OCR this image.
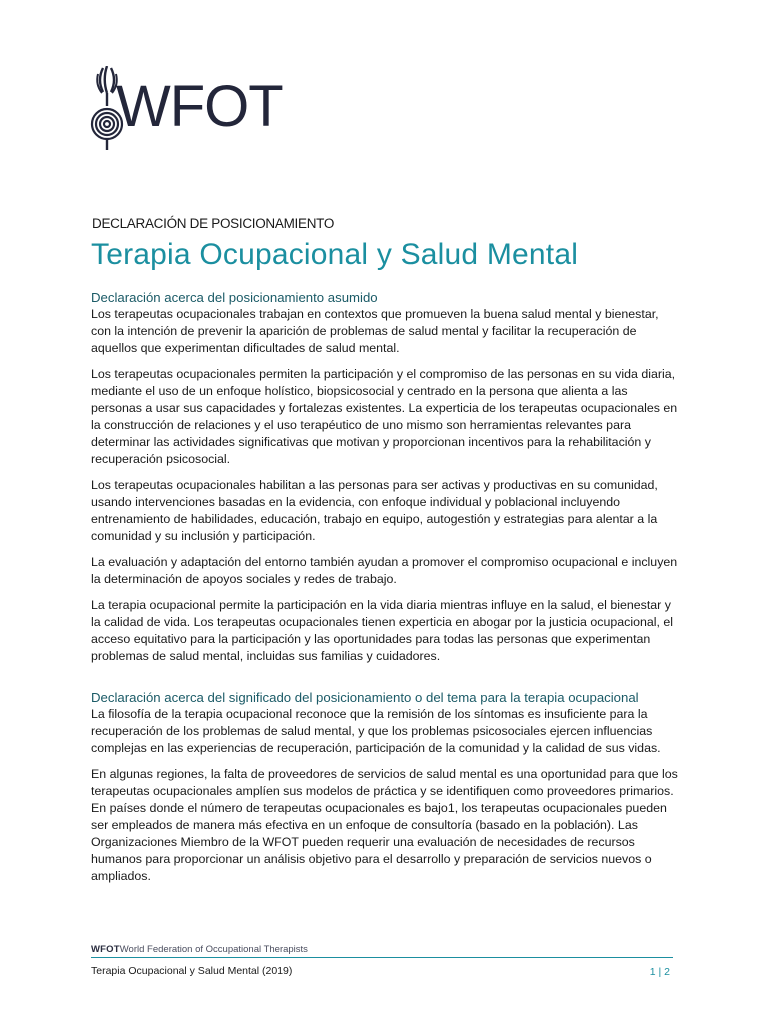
WFOT
DECLARACIÓN DE POSICIONAMIENTO
Terapia Ocupacional y Salud Mental
Declaración acerca del posicionamiento asumido

Los terapeutas ocupacionales trabajan en contextos que promueven la buena salud mental y bienestar, con la intención de prevenir la aparición de problemas de salud mental y facilitar la recuperación de aquellos que experimentan dificultades de salud mental.

Los terapeutas ocupacionales permiten la participación y el compromiso de las personas en su vida diaria, mediante el uso de un enfoque holístico, biopsicosocial y centrado en la persona que alienta a las personas a usar sus capacidades y fortalezas existentes. La experticia de los terapeutas ocupacionales en la construcción de relaciones y el uso terapéutico de uno mismo son herramientas relevantes para determinar las actividades significativas que motivan y proporcionan incentivos para la rehabilitación y recuperación psicosocial.

Los terapeutas ocupacionales habilitan a las personas para ser activas y productivas en su comunidad, usando intervenciones basadas en la evidencia, con enfoque individual y poblacional incluyendo entrenamiento de habilidades, educación, trabajo en equipo, autogestión y estrategias para alentar a la comunidad y su inclusión y participación.

La evaluación y adaptación del entorno también ayudan a promover el compromiso ocupacional e incluyen la determinación de apoyos sociales y redes de trabajo.

La terapia ocupacional permite la participación en la vida diaria mientras influye en la salud, el bienestar y la calidad de vida. Los terapeutas ocupacionales tienen experticia en abogar por la justicia ocupacional, el acceso equitativo para la participación y las oportunidades para todas las personas que experimentan problemas de salud mental, incluidas sus familias y cuidadores.

Declaración acerca del significado del posicionamiento o del tema para la terapia ocupacional

La filosofía de la terapia ocupacional reconoce que la remisión de los síntomas es insuficiente para la recuperación de los problemas de salud mental, y que los problemas psicosociales ejercen influencias complejas en las experiencias de recuperación, participación de la comunidad y la calidad de sus vidas.

En algunas regiones, la falta de proveedores de servicios de salud mental es una oportunidad para que los terapeutas ocupacionales amplíen sus modelos de práctica y se identifiquen como proveedores primarios. En países donde el número de terapeutas ocupacionales es bajo1, los terapeutas ocupacionales pueden ser empleados de manera más efectiva en un enfoque de consultoría (basado en la población). Las Organizaciones Miembro de la WFOT pueden requerir una evaluación de necesidades de recursos humanos para proporcionar un análisis objetivo para el desarrollo y preparación de servicios nuevos o ampliados.

WFOTWorld Federation of Occupational Therapists
Terapia Ocupacional y Salud Mental (2019)	1 | 2
